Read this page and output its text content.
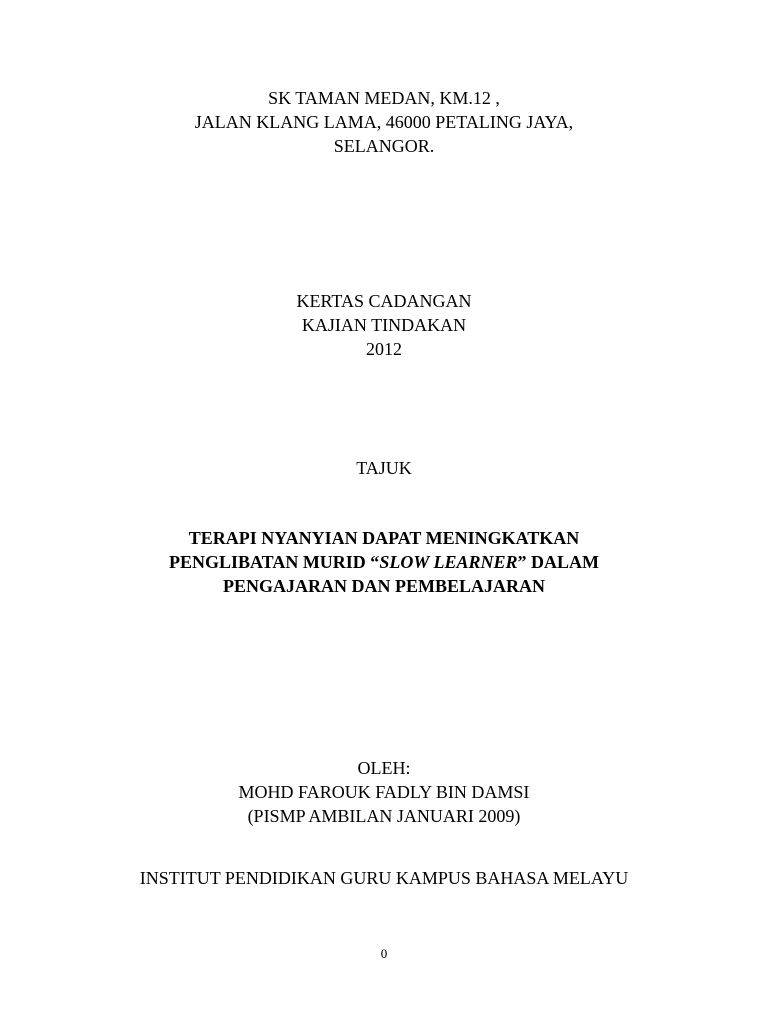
SK TAMAN MEDAN, KM.12 ,
JALAN KLANG LAMA, 46000 PETALING JAYA,
SELANGOR.
KERTAS CADANGAN
KAJIAN TINDAKAN
2012
TAJUK
TERAPI NYANYIAN DAPAT MENINGKATKAN
PENGLIBATAN MURID “SLOW LEARNER” DALAM
PENGAJARAN DAN PEMBELAJARAN
OLEH:
MOHD FAROUK FADLY BIN DAMSI
(PISMP AMBILAN JANUARI 2009)
INSTITUT PENDIDIKAN GURU KAMPUS BAHASA MELAYU
0
